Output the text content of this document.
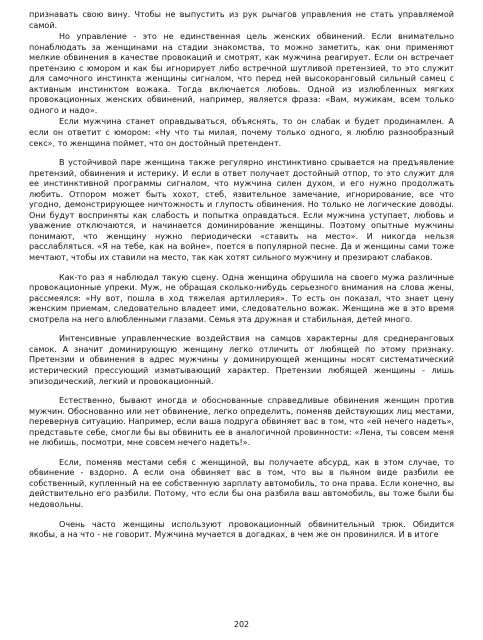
признавать свою вину. Чтобы не выпустить из рук рычагов управления не стать управляемой самой.

Но управление - это не единственная цель женских обвинений. Если внимательно понаблюдать за женщинами на стадии знакомства, то можно заметить, как они применяют мелкие обвинения в качестве провокаций и смотрят, как мужчина реагирует. Если он встречает претензию с юмором и как бы игнорирует либо встречной шутливой претензией, то это служит для самочного инстинкта женщины сигналом, что перед ней высокоранговый сильный самец с активным инстинктом вожака. Тогда включается любовь. Одной из излюбленных мягких провокационных женских обвинений, например, является фраза: «Вам, мужикам, всем только одного и надо».

Если мужчина станет оправдываться, объяснять, то он слабак и будет продинамлен. А если он ответит с юмором: «Ну что ты милая, почему только одного, я люблю разнообразный секс», то женщина поймет, что он достойный претендент.

В устойчивой паре женщина также регулярно инстинктивно срывается на предъявление претензий, обвинения и истерику. И если в ответ получает достойный отпор, то это служит для ее инстинктивной программы сигналом, что мужчина силен духом, и его нужно продолжать любить. Отпором может быть хохот, стеб, язвительное замечание, игнорирование, все что угодно, демонстрирующее ничтожность и глупость обвинения. Но только не логические доводы. Они будут восприняты как слабость и попытка оправдаться. Если мужчина уступает, любовь и уважение отключаются, и начинается доминирование женщины. Поэтому опытные мужчины понимают, что женщину нужно периодически «ставить на место». И никогда нельзя расслабляться. «Я на тебе, как на войне», поется в популярной песне. Да и женщины сами тоже мечтают, чтобы их ставили на место, так как хотят сильного мужчину и презирают слабаков.

Как-то раз я наблюдал такую сцену. Одна женщина обрушила на своего мужа различные провокационные упреки. Муж, не обращая сколько-нибудь серьезного внимания на слова жены, рассмеялся: «Ну вот, пошла в ход тяжелая артиллерия». То есть он показал, что знает цену женским приемам, следовательно владеет ими, следовательно вожак. Женщина же в это время смотрела на него влюбленными глазами. Семья эта дружная и стабильная, детей много.

Интенсивные управленческие воздействия на самцов характерны для среднеранговых самок. А значит доминирующую женщину легко отличить от любящей по этому признаку. Претензии и обвинения в адрес мужчины у доминирующей женщины носят систематический истерический прессующий изматывающий характер. Претензии любящей женщины - лишь эпизодический, легкий и провокационный.

Естественно, бывают иногда и обоснованные справедливые обвинения женщин против мужчин. Обоснованно или нет обвинение, легко определить, поменяв действующих лиц местами, перевернув ситуацию. Например, если ваша подруга обвиняет вас в том, что «ей нечего надеть», представьте себе, смогли бы вы обвинить ее в аналогичной провинности: «Лена, ты совсем меня не любишь, посмотри, мне совсем нечего надеть!».

Если, поменяв местами себя с женщиной, вы получаете абсурд, как в этом случае, то обвинение - вздорно. А если она обвиняет вас в том, что вы в пьяном виде разбили ее собственный, купленный на ее собственную зарплату автомобиль, то она права. Если конечно, вы действительно его разбили. Потому, что если бы она разбила ваш автомобиль, вы тоже были бы недовольны.

Очень часто женщины используют провокационный обвинительный трюк. Обидится якобы, а на что - не говорит. Мужчина мучается в догадках, в чем же он провинился. И в итоге

202
